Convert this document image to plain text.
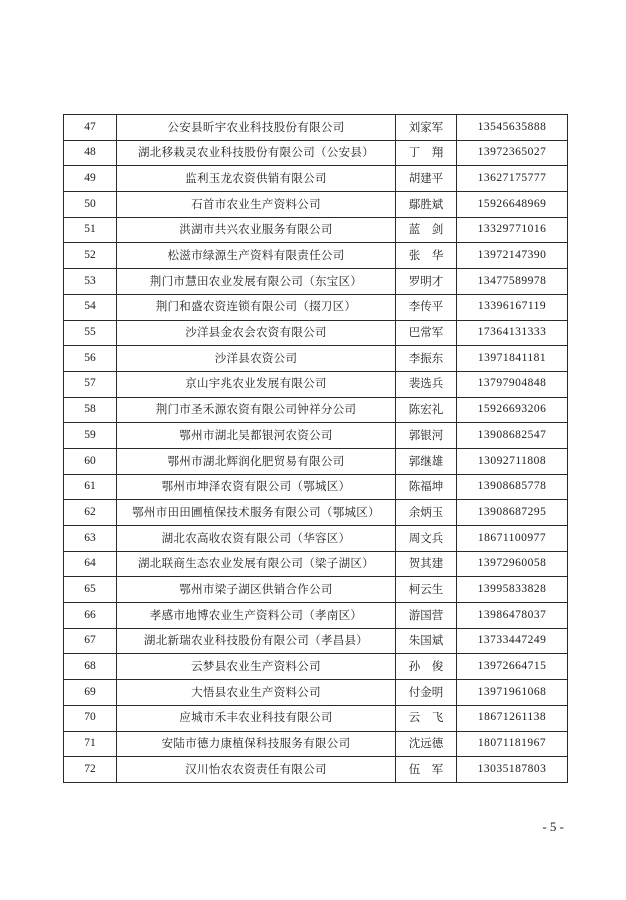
47	公安县昕宇农业科技股份有限公司	刘家军	13545635888
48	湖北移栽灵农业科技股份有限公司（公安县）	丁　翔	13972365027
49	监利玉龙农资供销有限公司	胡建平	13627175777
50	石首市农业生产资料公司	鄢胜斌	15926648969
51	洪湖市共兴农业服务有限公司	蓝　剑	13329771016
52	松滋市绿源生产资料有限责任公司	张　华	13972147390
53	荆门市慧田农业发展有限公司（东宝区）	罗明才	13477589978
54	荆门和盛农资连锁有限公司（掇刀区）	李传平	13396167119
55	沙洋县金农会农资有限公司	巴常军	17364131333
56	沙洋县农资公司	李振东	13971841181
57	京山宇兆农业发展有限公司	裴选兵	13797904848
58	荆门市圣禾源农资有限公司钟祥分公司	陈宏礼	15926693206
59	鄂州市湖北吴都银河农资公司	郭银河	13908682547
60	鄂州市湖北辉润化肥贸易有限公司	郭继雄	13092711808
61	鄂州市坤泽农资有限公司（鄂城区）	陈福坤	13908685778
62	鄂州市田田圃植保技术服务有限公司（鄂城区）	余炳玉	13908687295
63	湖北农高收农资有限公司（华容区）	周文兵	18671100977
64	湖北联商生态农业发展有限公司（梁子湖区）	贺其建	13972960058
65	鄂州市梁子湖区供销合作公司	柯云生	13995833828
66	孝感市地博农业生产资料公司（孝南区）	游国营	13986478037
67	湖北新瑞农业科技股份有限公司（孝昌县）	朱国斌	13733447249
68	云梦县农业生产资料公司	孙　俊	13972664715
69	大悟县农业生产资料公司	付金明	13971961068
70	应城市禾丰农业科技有限公司	云　飞	18671261138
71	安陆市德力康植保科技服务有限公司	沈远德	18071181967
72	汉川怡农农资责任有限公司	伍　军	13035187803
- 5 -
